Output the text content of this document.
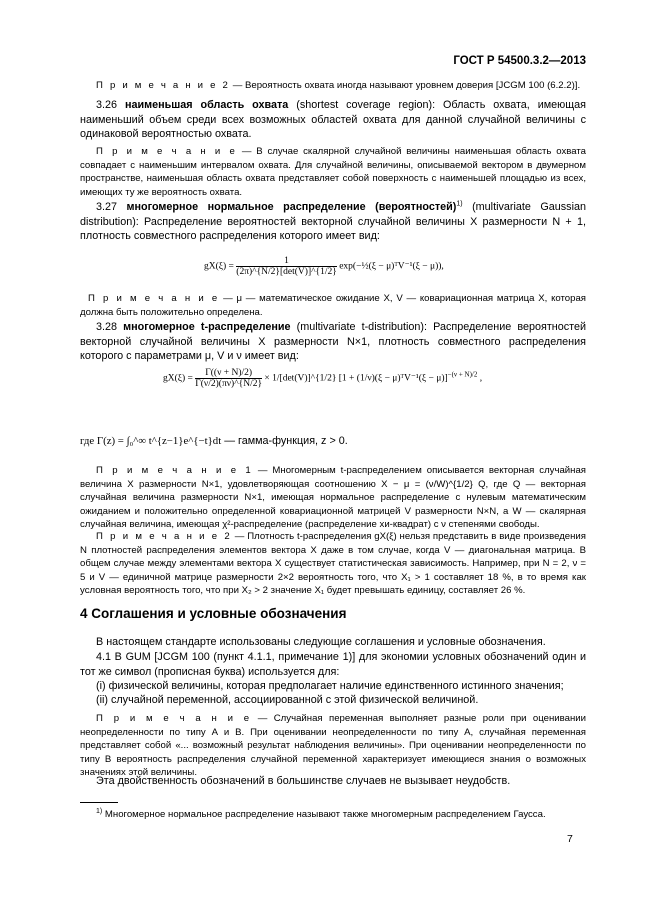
ГОСТ Р 54500.3.2—2013
П р и м е ч а н и е 2 — Вероятность охвата иногда называют уровнем доверия [JCGM 100 (6.2.2)].
3.26 наименьшая область охвата (shortest coverage region): Область охвата, имеющая наименьший объем среди всех возможных областей охвата для данной случайной величины с одинаковой вероятностью охвата.
П р и м е ч а н и е — В случае скалярной случайной величины наименьшая область охвата совпадает с наименьшим интервалом охвата. Для случайной величины, описываемой вектором в двумерном пространстве, наименьшая область охвата представляет собой поверхность с наименьшей площадью из всех, имеющих ту же вероятность охвата.
3.27 многомерное нормальное распределение (вероятностей)$^{1)}$ (multivariate Gaussian distribution): Распределение вероятностей векторной случайной величины X размерности N + 1, плотность совместного распределения которого имеет вид:
$gX(\xi) = \frac{1}{(2\pi)\^{}\{N/2\}[\det(V)]\^{}\{1/2\}}$ exp(−½(ξ − μ)ᵀV⁻¹(ξ − μ)),
П р и м е ч а н и е — μ — математическое ожидание X, V — ковариационная матрица X, которая должна быть положительно определена.
3.28 многомерное t-распределение (multivariate t-distribution): Распределение вероятностей векторной случайной величины X размерности N×1, плотность совместного распределения которого с параметрами μ, V и ν имеет вид:
$gX(\xi) = \frac{\Gamma((\nu + N)/2)}{\Gamma(\nu/2)(\pi\nu)\^{}\{N/2\}}$ × 1/[det(V)]^{1/2} [1 + (1/ν)(ξ − μ)ᵀV⁻¹(ξ − μ)]$^{-(\nu + N)/2}$ ,
где Γ(z) = ∫₀^∞ t^{z−1}e^{−t}dt — гамма-функция, z > 0.
П р и м е ч а н и е 1 — Многомерным t-распределением описывается векторная случайная величина X размерности N×1, удовлетворяющая соотношению X − μ = (ν/W)^{1/2} Q, где Q — векторная случайная величина размерности N×1, имеющая нормальное распределение с нулевым математическим ожиданием и положительно определенной ковариационной матрицей V размерности N×N, а W — скалярная случайная величина, имеющая χ²-распределение (распределение хи-квадрат) с ν степенями свободы.
П р и м е ч а н и е 2 — Плотность t-распределения gX(ξ) нельзя представить в виде произведения N плотностей распределения элементов вектора X даже в том случае, когда V — диагональная матрица. В общем случае между элементами вектора X существует статистическая зависимость. Например, при N = 2, ν = 5 и V — единичной матрице размерности 2×2 вероятность того, что X₁ > 1 составляет 18 %, в то время как условная вероятность того, что при X₂ > 2 значение X₁ будет превышать единицу, составляет 26 %.
4 Соглашения и условные обозначения
В настоящем стандарте использованы следующие соглашения и условные обозначения.
4.1 В GUM [JCGM 100 (пункт 4.1.1, примечание 1)] для экономии условных обозначений один и тот же символ (прописная буква) используется для:
(i) физической величины, которая предполагает наличие единственного истинного значения;
(ii) случайной переменной, ассоциированной с этой физической величиной.
П р и м е ч а н и е — Случайная переменная выполняет разные роли при оценивании неопределенности по типу А и В. При оценивании неопределенности по типу А, случайная переменная представляет собой «... возможный результат наблюдения величины». При оценивании неопределенности по типу В вероятность распределения случайной переменной характеризует имеющиеся знания о возможных значениях этой величины.
Эта двойственность обозначений в большинстве случаев не вызывает неудобств.
$^{1)}$ Многомерное нормальное распределение называют также многомерным распределением Гаусса.
7
